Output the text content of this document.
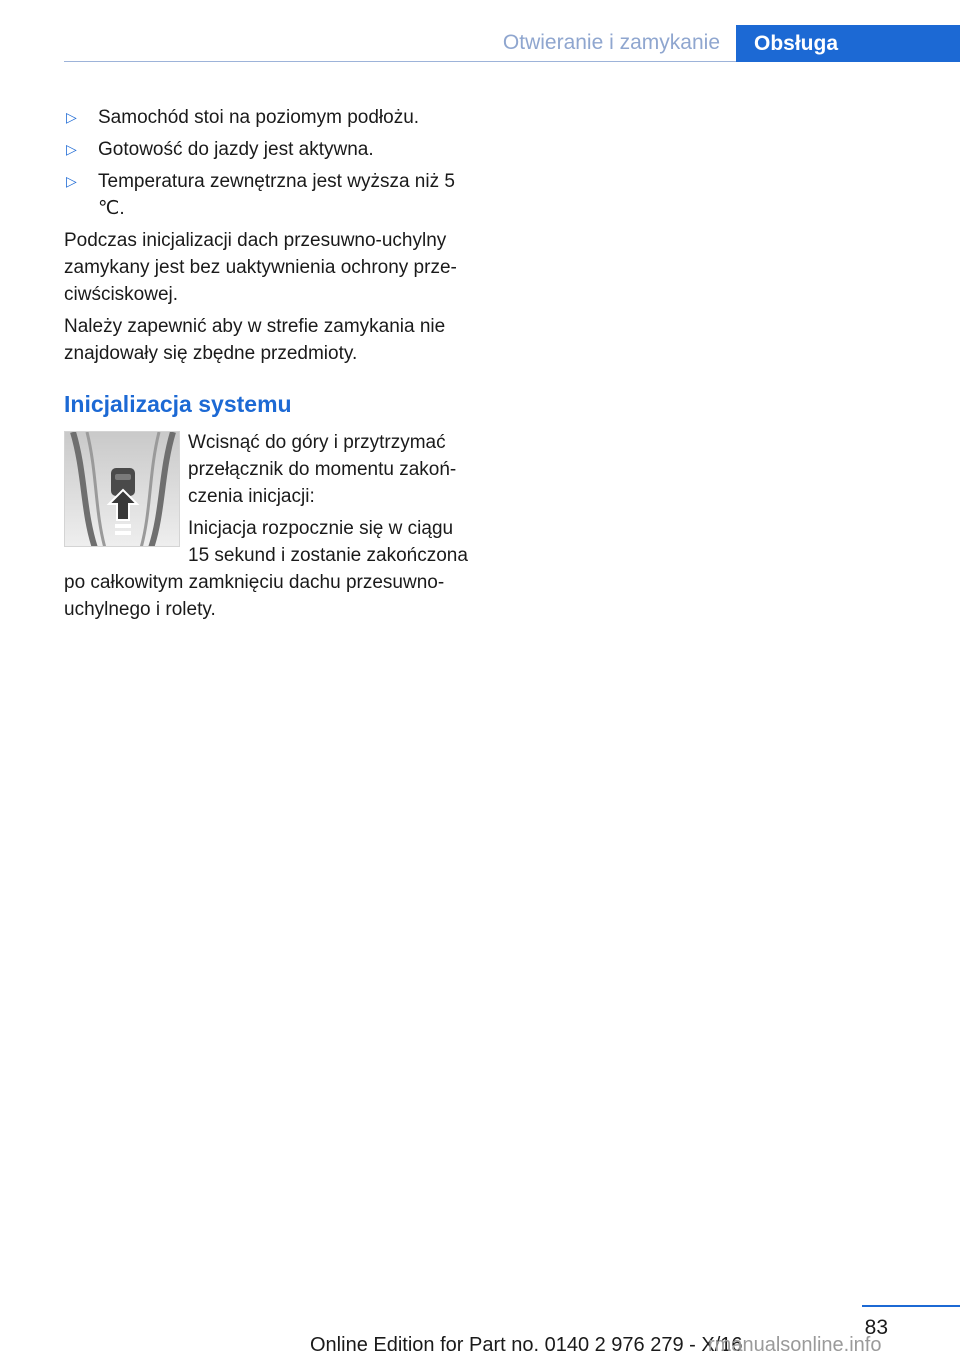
Otwieranie i zamykanie	Obsługa
▷	Samochód stoi na poziomym podłożu.
▷	Gotowość do jazdy jest aktywna.
▷	Temperatura zewnętrzna jest wyższa niż 5 ℃.

Podczas inicjalizacji dach przesuwno-uchylny zamykany jest bez uaktywnienia ochrony przeciwściskowej.

Należy zapewnić aby w strefie zamykania nie znajdowały się zbędne przedmioty.

Inicjalizacja systemu

Wcisnąć do góry i przytrzymać przełącznik do momentu zakończenia inicjacji:

Inicjacja rozpocznie się w ciągu 15 sekund i zostanie zakończona po całkowitym zamknięciu dachu przesuwno-uchylnego i rolety.

83
Online Edition for Part no. 0140 2 976 279 - X/16
rmanualsonline.info
